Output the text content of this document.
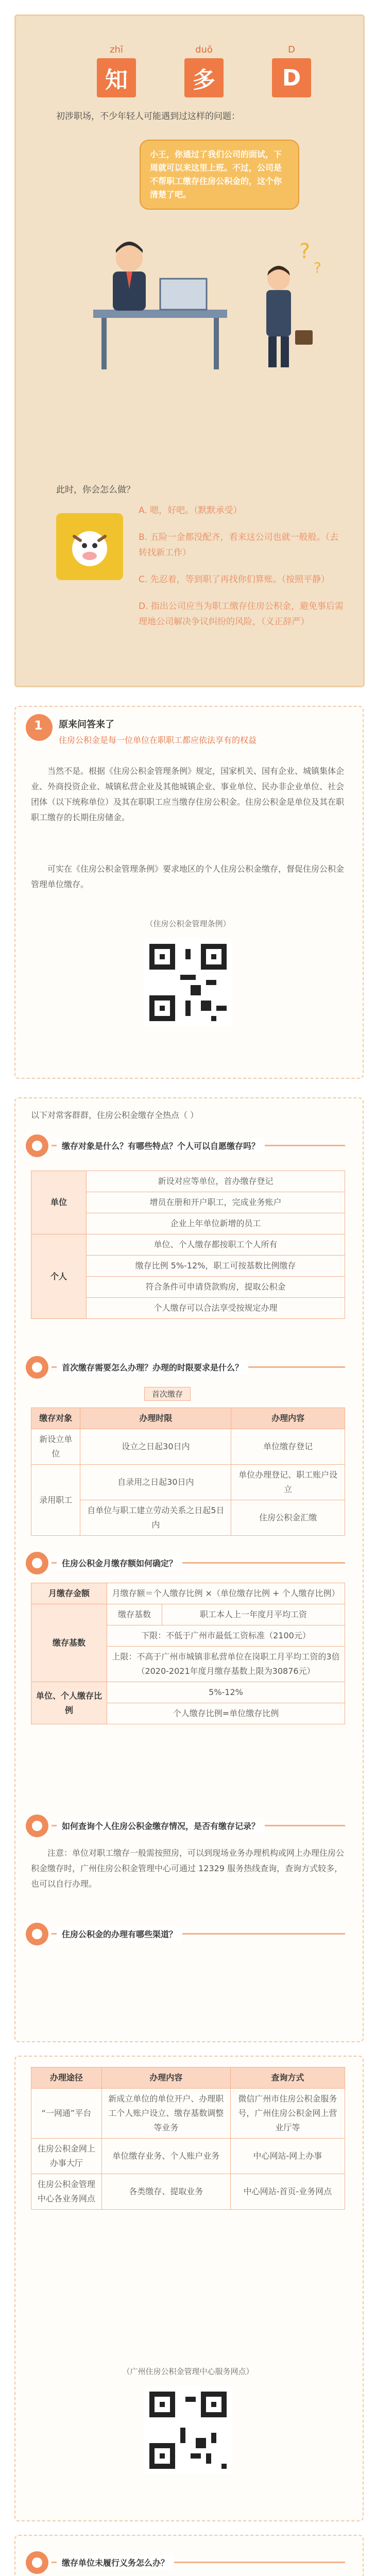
zhī
知
duō
多
D
D
初涉职场，不少年轻人可能遇到过这样的问题：
小王，你通过了我们公司的面试，下周就可以来这里上班。不过，公司是不帮职工缴存住房公积金的，这个你清楚了吧。
?
?
此时，你会怎么做？
A. 嗯，好吧。（默默承受）
B. 五险一金都没配齐，看来这公司也就一般般。（去转找新工作）
C. 先忍着，等到职了再找你们算账。（按照平静）
D. 指出公司应当为职工缴存住房公积金，避免事后需理地公司解决争议纠纷的风险，（义正辞严）
1 原来问答来了
住房公积金是每一位单位在职职工都应依法享有的权益
当然不是。根据《住房公积金管理条例》规定，国家机关、国有企业、城镇集体企业、外商投资企业、城镇私营企业及其他城镇企业、事业单位、民办非企业单位、社会团体（以下统称单位）及其在职职工应当缴存住房公积金。住房公积金是单位及其在职职工缴存的长期住房储金。
可实在《住房公积金管理条例》要求地区的个人住房公积金缴存，督促住房公积金管理单位缴存。
（住房公积金管理条例）
以下对常客群群，住房公积金缴存全热点（ ）
缴存对象是什么？有哪些特点？个人可以自愿缴存吗？
单位	新设对应等单位，首办缴存登记
	增员在册和开户职工，完成业务账户
	企业上年单位新增的员工
个人	单位、个人缴存都按职工个人所有
	缴存比例 5%-12%，职工可按基数比例缴存
	符合条件可申请贷款购房，提取公积金
	个人缴存可以合法享受按规定办理
首次缴存需要怎么办理？办理的时限要求是什么？
首次缴存
缴存对象	办理时限	办理内容
新设立单位	设立之日起30日内	单位缴存登记
录用职工	自录用之日起30日内	单位办理登记、职工账户设立
	自单位与职工建立劳动关系之日起5日内	住房公积金汇缴
住房公积金月缴存额如何确定？
月缴存金额	月缴存额＝个人缴存比例 ×（单位缴存比例 + 个人缴存比例）	
缴存基数	缴存基数	职工本人上一年度月平均工资
	下限：不低于广州市最低工资标准（2100元）	
	上限：不高于广州市城镇非私营单位在岗职工月平均工资的3倍（2020-2021年度月缴存基数上限为30876元）	
单位、个人缴存比例	5%-12%	
	个人缴存比例=单位缴存比例	
如何查询个人住房公积金缴存情况，是否有缴存记录？
注意：单位对职工缴存一般需按照房，可以到现场业务办理机构或网上办理住房公积金缴存时，广州住房公积金管理中心可通过 12329 服务热线查询，查询方式较多，也可以自行办理。
住房公积金的办理有哪些渠道？
办理途径	办理内容	查询方式
“一网通”平台	新成立单位的单位开户、办理职工个人账户设立、缴存基数调整等业务	微信广州市住房公积金服务号，广州住房公积金网上营业厅等
住房公积金网上办事大厅	单位缴存业务、个人账户业务	中心网站-网上办事
住房公积金管理中心各业务网点	各类缴存、提取业务	中心网站-首页-业务网点
（广州住房公积金管理中心服务网点）
缴存单位未履行义务怎么办？
